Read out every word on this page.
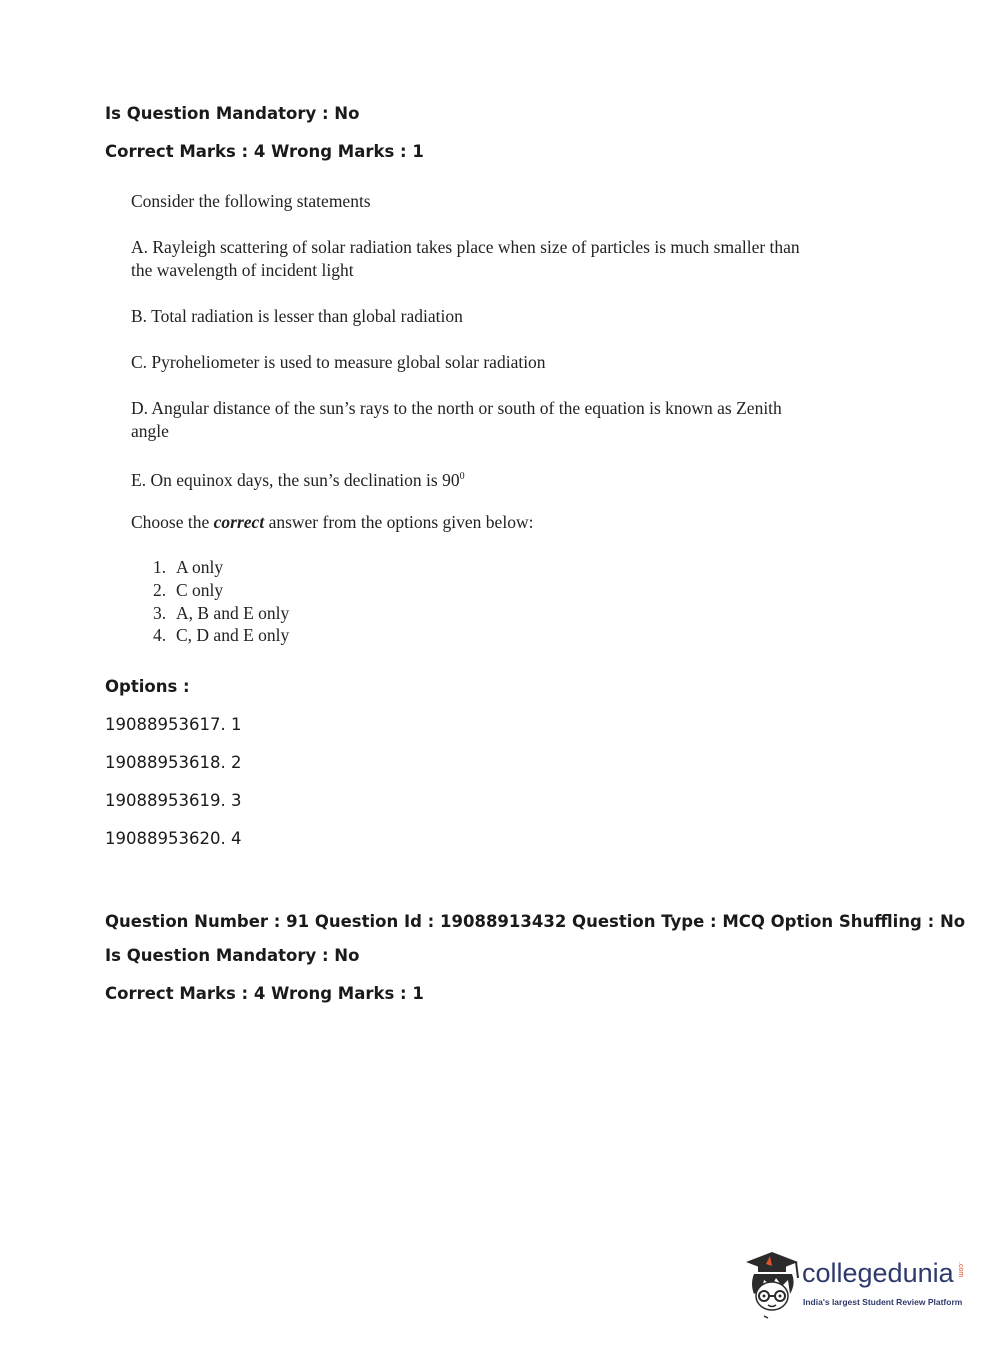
Is Question Mandatory : No
Correct Marks : 4 Wrong Marks : 1
Consider the following statements
A. Rayleigh scattering of solar radiation takes place when size of particles is much smaller than
the wavelength of incident light
B. Total radiation is lesser than global radiation
C. Pyroheliometer is used to measure global solar radiation
D. Angular distance of the sun’s rays to the north or south of the equation is known as Zenith
angle
E. On equinox days, the sun’s declination is $90^0$
Choose the correct answer from the options given below:
1. A only
2. C only
3. A, B and E only
4. C, D and E only
Options :
19088953617. 1
19088953618. 2
19088953619. 3
19088953620. 4
Question Number : 91 Question Id : 19088913432 Question Type : MCQ Option Shuffling : No
Is Question Mandatory : No
Correct Marks : 4 Wrong Marks : 1
collegedunia .com
India's largest Student Review Platform
